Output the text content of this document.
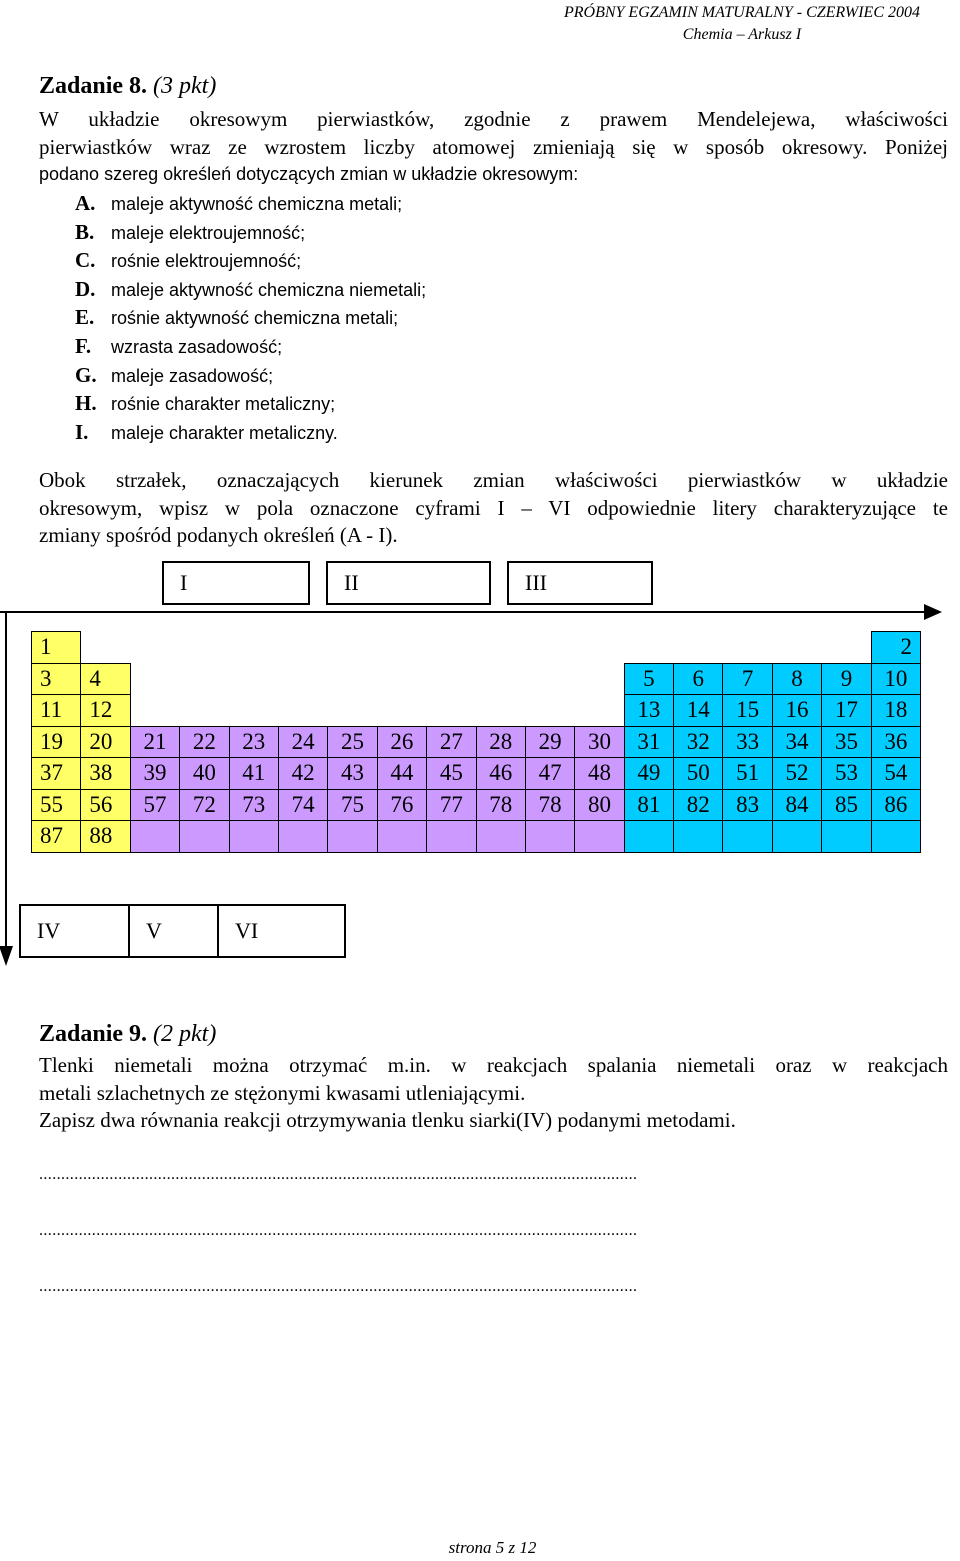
PRÓBNY EGZAMIN MATURALNY - CZERWIEC 2004
Chemia – Arkusz I
Zadanie 8. (3 pkt)
W układzie okresowym pierwiastków, zgodnie z prawem Mendelejewa, właściwości
pierwiastków wraz ze wzrostem liczby atomowej zmieniają się w sposób okresowy. Poniżej
podano szereg określeń dotyczących zmian w układzie okresowym:
A. maleje aktywność chemiczna metali;
B. maleje elektroujemność;
C. rośnie elektroujemność;
D. maleje aktywność chemiczna niemetali;
E. rośnie aktywność chemiczna metali;
F. wzrasta zasadowość;
G. maleje zasadowość;
H. rośnie charakter metaliczny;
I. maleje charakter metaliczny.
Obok strzałek, oznaczających kierunek zmian właściwości pierwiastków w układzie
okresowym, wpisz w pola oznaczone cyframi I – VI odpowiednie litery charakteryzujące te
zmiany spośród podanych określeń (A - I).
I	II	III
1																	2
3	4											5	6	7	8	9	10
11	12											13	14	15	16	17	18
19	20	21	22	23	24	25	26	27	28	29	30	31	32	33	34	35	36
37	38	39	40	41	42	43	44	45	46	47	48	49	50	51	52	53	54
55	56	57	72	73	74	75	76	77	78	78	80	81	82	83	84	85	86
87	88																
IV	V	VI
Zadanie 9. (2 pkt)
Tlenki niemetali można otrzymać m.in. w reakcjach spalania niemetali oraz w reakcjach
metali szlachetnych ze stężonymi kwasami utleniającymi.
Zapisz dwa równania reakcji otrzymywania tlenku siarki(IV) podanymi metodami.
........................................................................................................................................
........................................................................................................................................
........................................................................................................................................
strona 5 z 12
